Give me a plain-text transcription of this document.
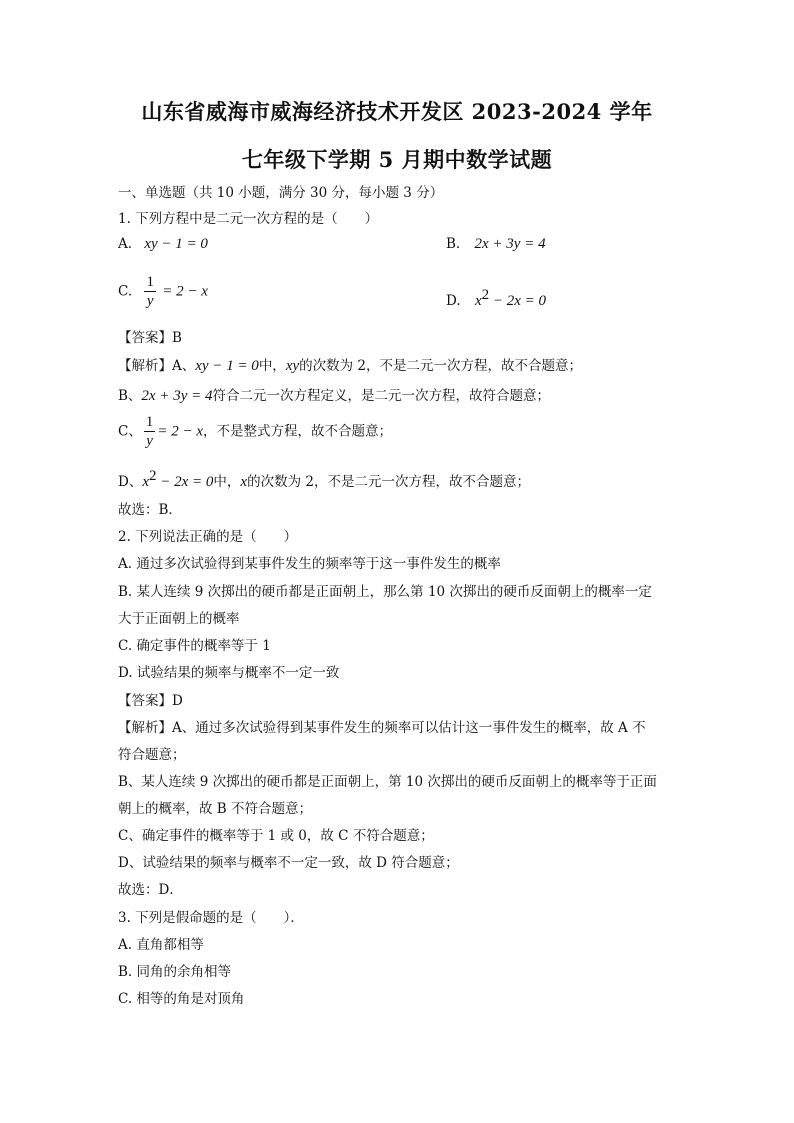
山东省威海市威海经济技术开发区 2023-2024 学年
七年级下学期 5 月期中数学试题
一、单选题（共 10 小题，满分 30 分，每小题 3 分）
1. 下列方程中是二元一次方程的是（　　）
A. xy − 1 = 0	B. 2x + 3y = 4
C. $\frac{1}{y} = 2 - x$
D. $x^2 - 2x = 0$
【答案】B
【解析】A、xy − 1 = 0中，xy的次数为 2，不是二元一次方程，故不合题意；
B、2x + 3y = 4符合二元一次方程定义，是二元一次方程，故符合题意；
C、 $\frac{1}{y} = 2 - x$，不是整式方程，故不合题意；
D、$x^2 - 2x = 0$中，x的次数为 2，不是二元一次方程，故不合题意；
故选：B．
2. 下列说法正确的是（　　）
A. 通过多次试验得到某事件发生的频率等于这一事件发生的概率
B. 某人连续 9 次掷出的硬币都是正面朝上，那么第 10 次掷出的硬币反面朝上的概率一定
大于正面朝上的概率
C. 确定事件的概率等于 1
D. 试验结果的频率与概率不一定一致
【答案】D
【解析】A、通过多次试验得到某事件发生的频率可以估计这一事件发生的概率，故 A 不
符合题意；
B、某人连续 9 次掷出的硬币都是正面朝上，第 10 次掷出的硬币反面朝上的概率等于正面
朝上的概率，故 B 不符合题意；
C、确定事件的概率等于 1 或 0，故 C 不符合题意；
D、试验结果的频率与概率不一定一致，故 D 符合题意；
故选：D．
3. 下列是假命题的是（　　）．
A. 直角都相等
B. 同角的余角相等
C. 相等的角是对顶角
